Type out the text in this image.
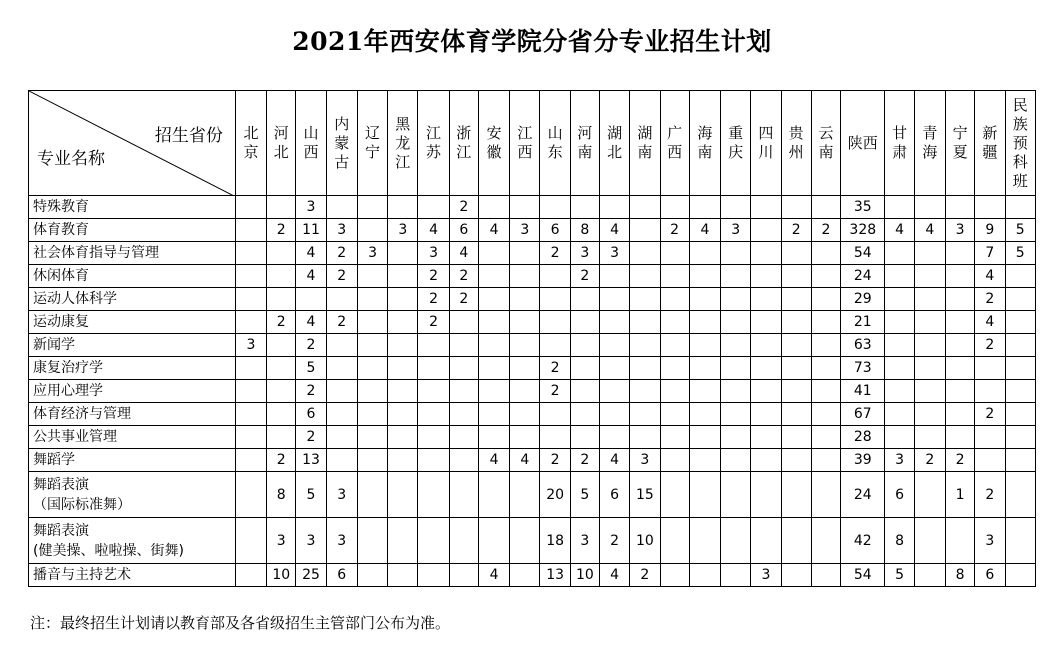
2021年西安体育学院分省分专业招生计划
招生省份
专业名称	北京	河北	山西	内蒙古	辽宁	黑龙江	江苏	浙江	安徽	江西	山东	河南	湖北	湖南	广西	海南	重庆	四川	贵州	云南	陕西	甘肃	青海	宁夏	新疆	民族预科班

特殊教育			3					2													35					

体育教育		2	11	3		3	4	6	4	3	6	8	4		2	4	3		2	2	328	4	4	3	9	5

社会体育指导与管理			4	2	3		3	4			2	3	3								54				7	5

休闲体育			4	2			2	2				2									24				4	

运动人体科学							2	2													29				2	

运动康复		2	4	2			2														21				4	

新闻学	3		2																		63				2	

康复治疗学			5								2										73					

应用心理学			2								2										41					

体育经济与管理			6																		67				2	

公共事业管理			2																		28					

舞蹈学		2	13						4	4	2	2	4	3							39	3	2	2		

舞蹈表演
（国际标准舞）		8	5	3							20	5	6	15							24	6		1	2	

舞蹈表演
(健美操、啦啦操、街舞)		3	3	3							18	3	2	10							42	8			3	

播音与主持艺术		10	25	6					4		13	10	4	2				3			54	5		8	6	
注：最终招生计划请以教育部及各省级招生主管部门公布为准。
